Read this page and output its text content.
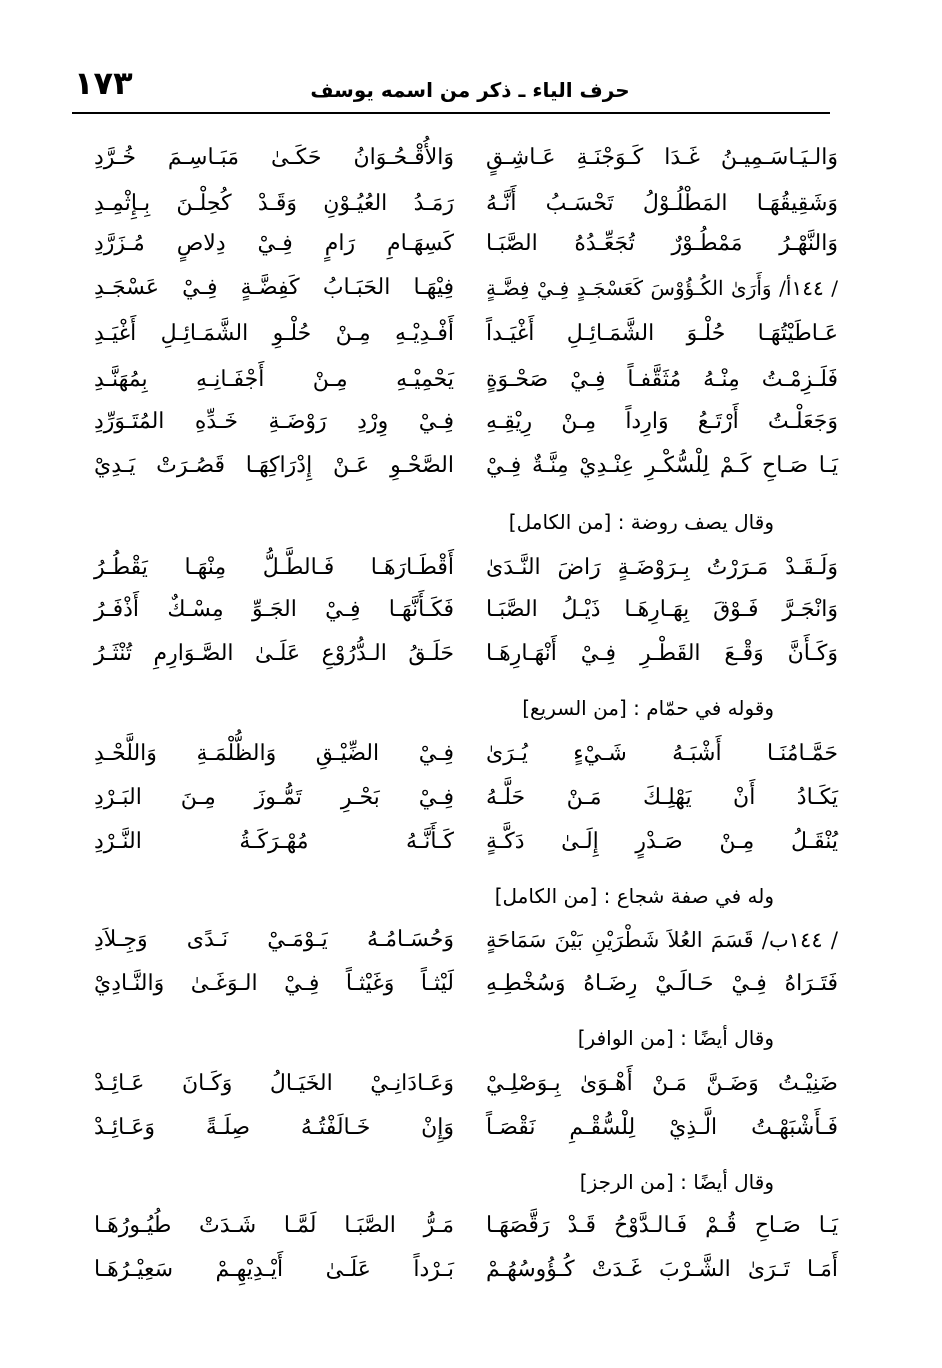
١٧٣	حرف الياء ـ ذكر من اسمه يوسف
وَالـيَـاسَـمِيـنُ غَـدَا كَـوَجْنَـةِ عَـاشِـقٍ
وَالأُقْـحُـوَانُ حَكَـىٰ مَبَـاسِـمَ خُـرَّدِ
وَشَقِيقُهَـا المَطْلُـوْلُ تَحْسَـبُ أَنَّـهُ
رَمَـدُ العُيُـوْنِ وَقَـدْ كُحِلْـنَ بِـإِثْمِـدِ
وَالنَّهْـرُ مَمْطُـوْرٌ تُجَعِّـدُهُ الصَّبَـا
كَسِهَـامِ رَامٍ فِـيْ دِلاصٍ مُـزَرَّدِ
/ ١٤٤أ/ وَأَرَىٰ الكُـؤُوْسَ كَعَسْجَـدٍ فِـيْ فِضَّـةٍ
فِيْهَـا الحَبَـابُ كَفِضَّـةٍ فِـيْ عَسْجَـدِ
عَـاطَيْتُهَـا حُلْـوَ الشَّمَـائِـلِ أَغْيَـداً
أَفْـدِيْـهِ مِـنْ حُلْـوِ الشَّمَـائِـلِ أَغْيَـدِ
فَلَـزِمْـتُ مِنْـهُ مُثَقَّفـاً فِـيْ صَحْـوَةٍ
يَحْمِيْـهِ مِـنْ أَجْفَـانِـهِ بِمُهَنَّـدِ
وَجَعَلْـتُ أَرْتَـعُ وَارِداً مِـنْ رِيْقِـهِ
فِـيْ وِرْدِ رَوْضَـةِ خَـدِّهِ المُتَـوَرِّدِ
يَـا صَـاحِ كَـمْ لِلْسُّكْـرِ عِنْـدِيْ مِنَّـةٌ فِـيْ
الصَّحْـوِ عَـنْ إِدْرَاكِهَـا قَصُـرَتْ يَـدِيْ
وقال يصف روضة : [من الكامل]
وَلَـقَـدْ مَـرَرْتُ بِـرَوْضَـةٍ رَاضَ النَّـدَىٰ
أَقْطَـارَهَـا فَـالطَّـلُّ مِنْهَـا يَقْطُـرُ
وَانْجَـرَّ فَـوْقَ بِهَـارِهَـا ذَيْـلُ الصَّبَـا
فَكَـأَنَّهَـا فِـيْ الجَـوِّ مِسْـكٌ أَذْفَـرُ
وَكَـأَنَّ وَقْـعَ القَطْـرِ فِـيْ أَنْهَـارِهَـا
حَلَـقُ الـدُّرُوْعِ عَلَـىٰ الصَّـوَارِمِ تُنْثَـرُ
وقوله في حمّام : [من السريع]
حَمَّـامُنَـا أَشْبَـهُ شَـيْءٍ يُـرَىٰ
فِـيْ الضِّيْـقِ وَالظُّلْمَـةِ وَاللَّحْـدِ
يَكَـادُ أَنْ يَهْلِـكَ مَـنْ حَلَّـهُ
فِـيْ بَحْـرِ تَمُّـوزَ مِـنَ البَـرْدِ
يُنْقَـلُ مِـنْ صَـدْرٍ إِلَـىٰ دَكَّـةٍ
كَـأَنَّـهُ مُهْـرَكَـةُ النَّـرْدِ
وله في صفة شجاع : [من الكامل]
/ ١٤٤ب/ قَسَمَ العُلاَ شَطْرَيْنِ بَيْنَ سَمَاحَةٍ
وَحُسَـامُـهُ يَـوْمَـيْ نَـدًى وَجِـلاَدِ
فَتَـرَاهُ فِـيْ حَـالَـيْ رِضَـاهُ وَسُخْطِـهِ
لَيْثـاً وَغَيْثـاً فِـيْ الـوَغَـىٰ وَالنَّـادِيْ
وقال أيضًا : [من الوافر]
ضَنِيْـتُ وَضَـنَّ مَـنْ أَهْـوَىٰ بِـوَصْلِـيْ
وَعَـادَانِـيْ الخَيَـالُ وَكَـانَ عَـائِـدْ
فَـأَشْبَهْـتُ الَّـذِيْ لِلْسُّقْـمِ نَقْصَـاً
وَإِنْ خَـالَفْتُـهُ صِلَـةً وَعَـائِـدْ
وقال أيضًا : [من الرجز]
يَـا صَـاحِ قُـمْ فَـالـدَّوْحُ قَـدْ رَقَّصَهَـا
مَـرُّ الصَّبَـا لَمَّـا شَـدَتْ طُيُـورُهَـا
أَمَـا تَـرَىٰ الشَّـرْبَ غَـدَتْ كُـؤُوسُهُـمْ
بَـرْداً عَلَـىٰ أَيْـدِيْهِـمْ سَعِيْـرُهَـا
